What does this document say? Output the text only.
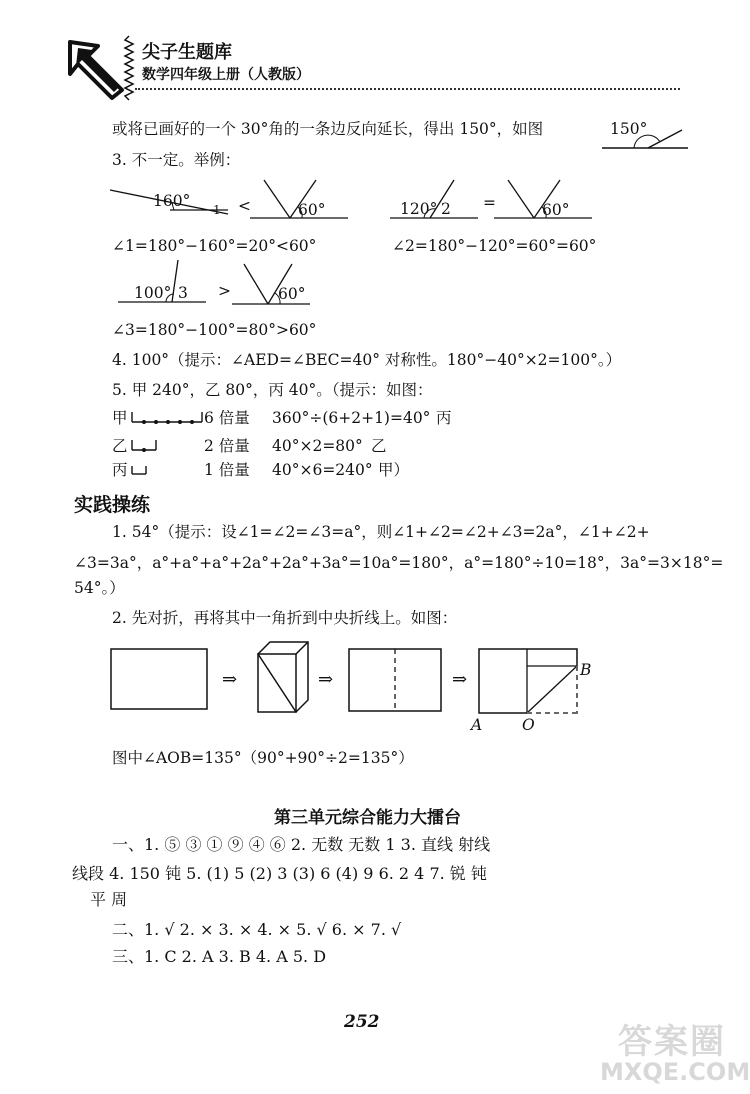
尖子生题库
数学四年级上册（人教版）
或将已画好的一个 30°角的一条边反向延长，得出 150°，如图	150°
3. 不一定。举例：
160° 1 <	60°	120° 2 =	60°
∠1=180°−160°=20°<60°	∠2=180°−120°=60°=60°
100° 3 >	60°
∠3=180°−100°=80°>60°
4. 100°（提示：∠AED=∠BEC=40° 对称性。180°−40°×2=100°。）
5. 甲 240°，乙 80°，丙 40°。（提示：如图：
甲	6 倍量 360°÷(6+2+1)=40° 丙
乙	2 倍量 40°×2=80° 乙
丙	1 倍量 40°×6=240° 甲）
实践操练
1. 54°（提示：设∠1=∠2=∠3=a°，则∠1+∠2=∠2+∠3=2a°，∠1+∠2+
∠3=3a°，a°+a°+a°+2a°+2a°+3a°=10a°=180°，a°=180°÷10=18°，3a°=3×18°=
54°。）
2. 先对折，再将其中一角折到中央折线上。如图：
⇒	⇒	⇒
A	O
B
图中∠AOB=135°（90°+90°÷2=135°）
第三单元综合能力大擂台
一、1. ⑤ ③ ① ⑨ ④ ⑥ 2. 无数 无数 1 3. 直线 射线
线段 4. 150 钝 5. (1) 5 (2) 3 (3) 6 (4) 9 6. 2 4 7. 锐 钝
平 周
二、1. √ 2. × 3. × 4. × 5. √ 6. × 7. √
三、1. C 2. A 3. B 4. A 5. D
252	答案圈
MXQE.COM
